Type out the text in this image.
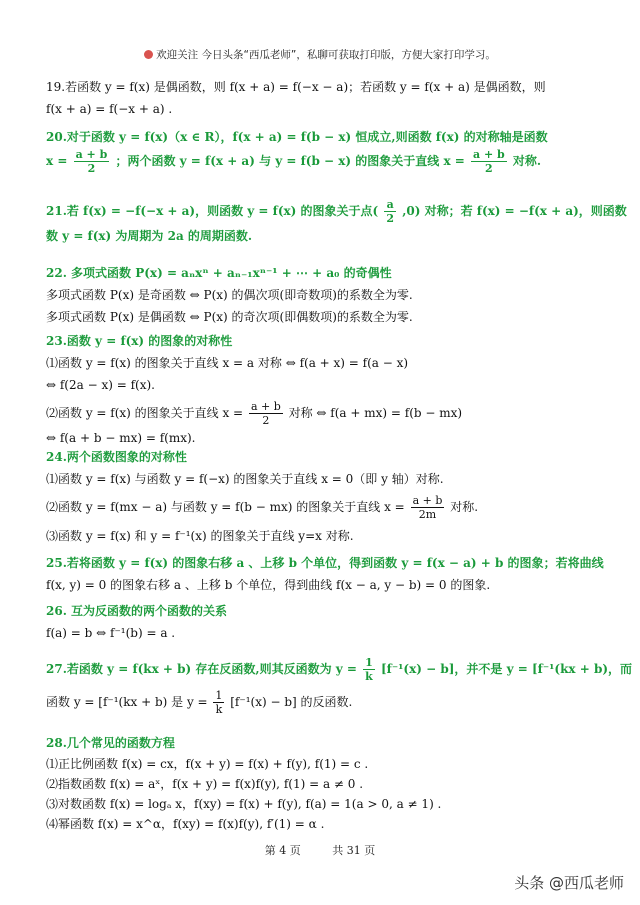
欢迎关注 今日头条“西瓜老师”，私聊可获取打印版，方便大家打印学习。
19.若函数 y = f(x) 是偶函数，则 f(x + a) = f(−x − a)；若函数 y = f(x + a) 是偶函数，则
f(x + a) = f(−x + a) .
20.对于函数 y = f(x)（x ∈ R），f(x + a) = f(b − x) 恒成立,则函数 f(x) 的对称轴是函数
$x = \frac{a + b}{2}$ ；两个函数 y = f(x + a) 与 y = f(b − x) 的图象关于直线 $x = \frac{a + b}{2}$ 对称.
21.若 f(x) = −f(−x + a)，则函数 y = f(x) 的图象关于点( $\frac{a}{2} ,0$) 对称；若 f(x) = −f(x + a)，则函数
数 y = f(x) 为周期为 2a 的周期函数.
22. 多项式函数 P(x) = aₙxⁿ + aₙ₋₁xⁿ⁻¹ + ⋯ + a₀ 的奇偶性
多项式函数 P(x) 是奇函数 ⇔ P(x) 的偶次项(即奇数项)的系数全为零.
多项式函数 P(x) 是偶函数 ⇔ P(x) 的奇次项(即偶数项)的系数全为零.
23.函数 y = f(x) 的图象的对称性
⑴函数 y = f(x) 的图象关于直线 x = a 对称 ⇔ f(a + x) = f(a − x)
⇔ f(2a − x) = f(x).
⑵函数 y = f(x) 的图象关于直线 $x = \frac{a + b}{2}$ 对称 ⇔ f(a + mx) = f(b − mx)
⇔ f(a + b − mx) = f(mx).
24.两个函数图象的对称性
⑴函数 y = f(x) 与函数 y = f(−x) 的图象关于直线 x = 0（即 y 轴）对称.
⑵函数 y = f(mx − a) 与函数 y = f(b − mx) 的图象关于直线 $x = \frac{a + b}{2m}$ 对称.
⑶函数 y = f(x) 和 y = f⁻¹(x) 的图象关于直线 y=x 对称.
25.若将函数 y = f(x) 的图象右移 a 、上移 b 个单位，得到函数 y = f(x − a) + b 的图象；若将曲线
f(x, y) = 0 的图象右移 a 、上移 b 个单位，得到曲线 f(x − a, y − b) = 0 的图象.
26. 互为反函数的两个函数的关系
f(a) = b ⇔ f⁻¹(b) = a .
27.若函数 y = f(kx + b) 存在反函数,则其反函数为 $y = \frac{1}{k} [f^{-1}(x) - b]$，并不是 y = [f⁻¹(kx + b)，而
函数 y = [f⁻¹(kx + b) 是 $y = \frac{1}{k} [f^{-1}(x) - b]$ 的反函数.
28.几个常见的函数方程
⑴正比例函数 f(x) = cx，f(x + y) = f(x) + f(y), f(1) = c .
⑵指数函数 f(x) = aˣ，f(x + y) = f(x)f(y), f(1) = a ≠ 0 .
⑶对数函数 f(x) = logₐ x，f(xy) = f(x) + f(y), f(a) = 1(a > 0, a ≠ 1) .
⑷幂函数 f(x) = x^α，f(xy) = f(x)f(y), f′(1) = α .
第 4 页	共 31 页
头条 @西瓜老师
